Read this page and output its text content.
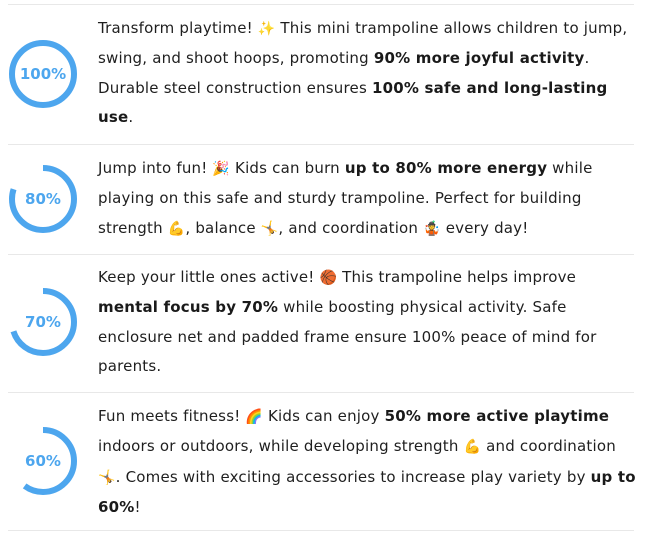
100%
Transform playtime! ✨ This mini trampoline allows children to jump, swing, and shoot hoops, promoting 90% more joyful activity. Durable steel construction ensures 100% safe and long-lasting use.
80%
Jump into fun! 🎉 Kids can burn up to 80% more energy while playing on this safe and sturdy trampoline. Perfect for building strength 💪, balance 🤸, and coordination 🤹 every day!
70%
Keep your little ones active! 🏀 This trampoline helps improve mental focus by 70% while boosting physical activity. Safe enclosure net and padded frame ensure 100% peace of mind for parents.
60%
Fun meets fitness! 🌈 Kids can enjoy 50% more active playtime indoors or outdoors, while developing strength 💪 and coordination 🤸. Comes with exciting accessories to increase play variety by up to 60%!
